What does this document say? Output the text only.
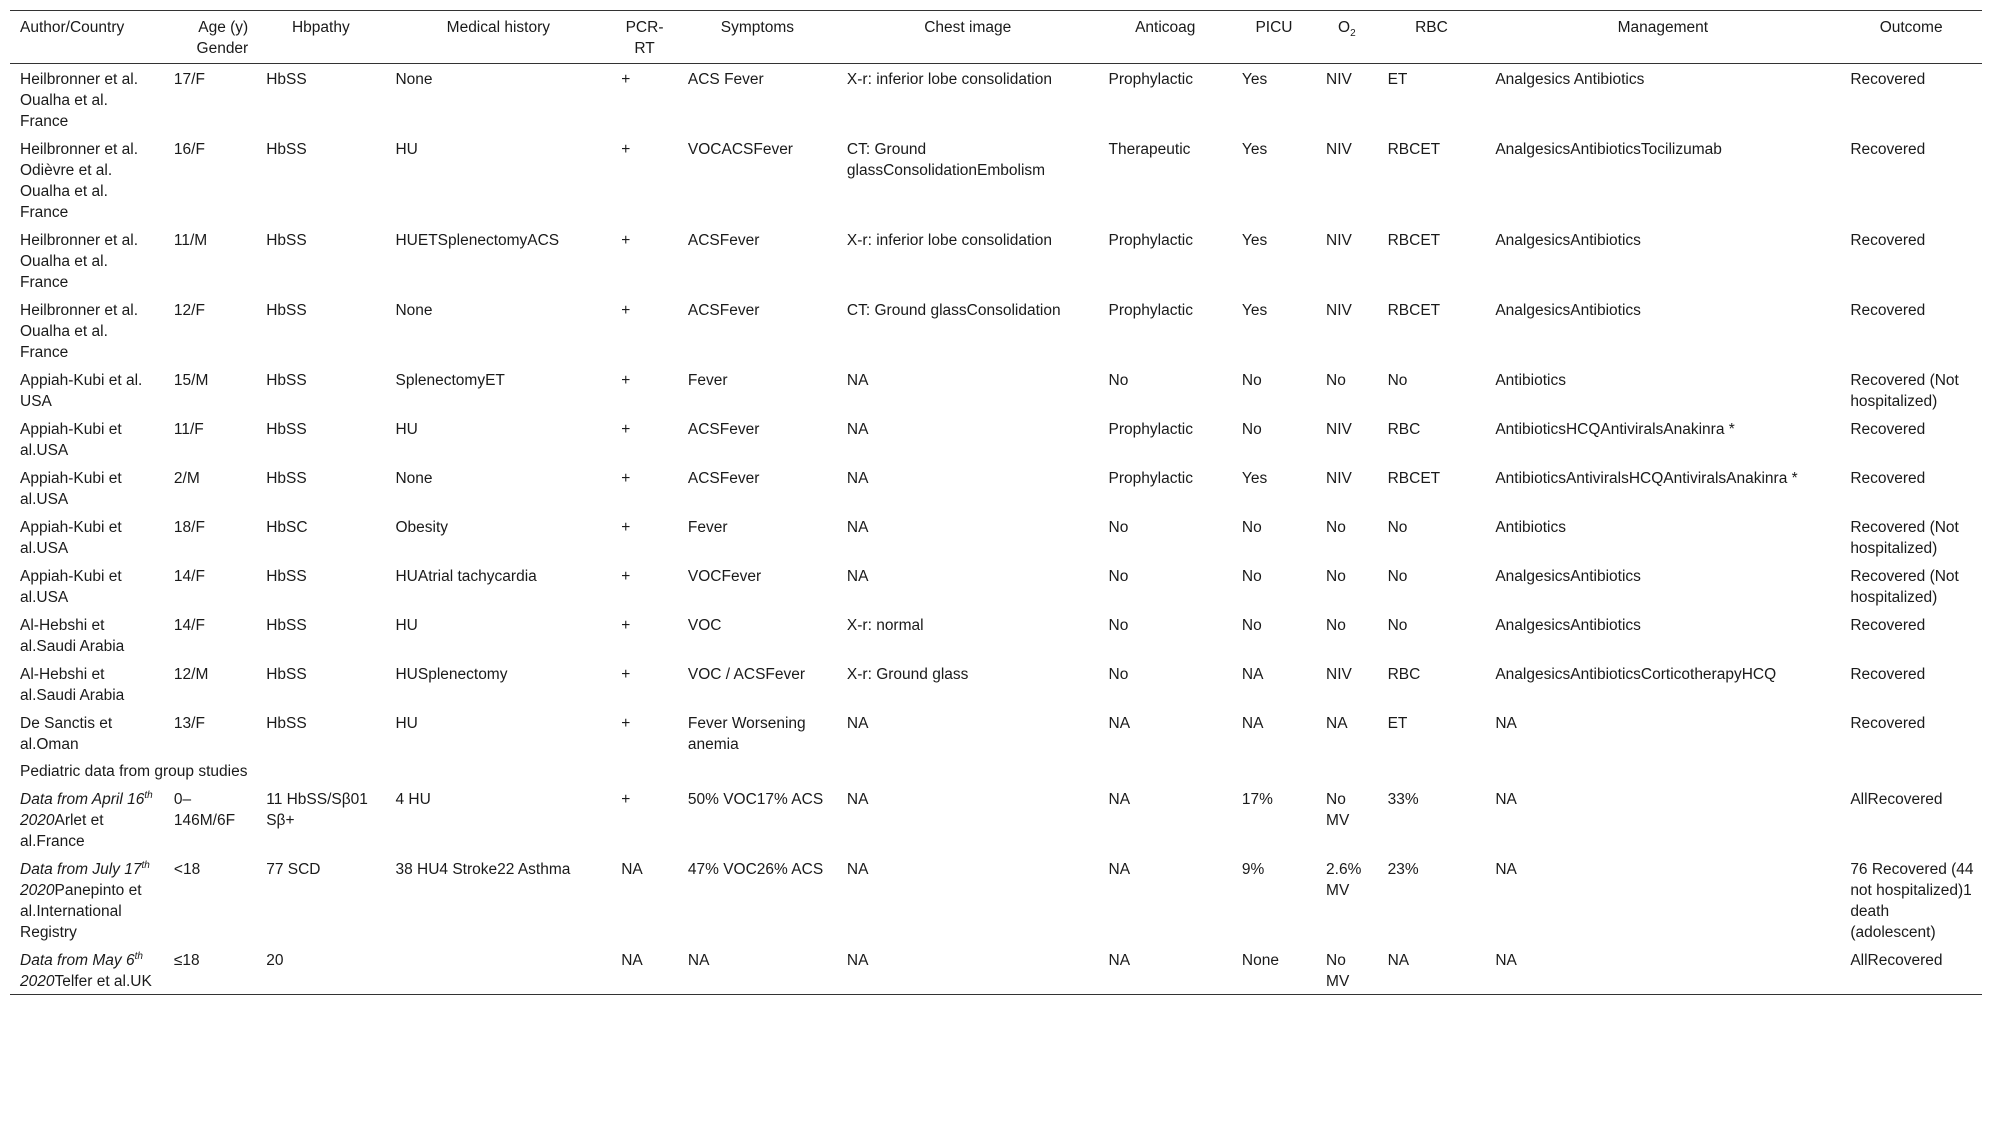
Author/Country	Age (y) Gender	Hbpathy	Medical history	PCR-RT	Symptoms	Chest image	Anticoag	PICU	$O_2$	RBC	Management	Outcome
Heilbronner et al. Oualha et al. France	17/F	HbSS	None	+	ACS Fever	X-r: inferior lobe consolidation	Prophylactic	Yes	NIV	ET	Analgesics Antibiotics	Recovered
Heilbronner et al. Odièvre et al. Oualha et al. France	16/F	HbSS	HU	+	VOCACSFever	CT: Ground glassConsolidationEmbolism	Therapeutic	Yes	NIV	RBCET	AnalgesicsAntibioticsTocilizumab	Recovered
Heilbronner et al. Oualha et al. France	11/M	HbSS	HUETSplenectomyACS	+	ACSFever	X-r: inferior lobe consolidation	Prophylactic	Yes	NIV	RBCET	AnalgesicsAntibiotics	Recovered
Heilbronner et al. Oualha et al. France	12/F	HbSS	None	+	ACSFever	CT: Ground glassConsolidation	Prophylactic	Yes	NIV	RBCET	AnalgesicsAntibiotics	Recovered
Appiah-Kubi et al. USA	15/M	HbSS	SplenectomyET	+	Fever	NA	No	No	No	No	Antibiotics	Recovered (Not hospitalized)
Appiah-Kubi et al.USA	11/F	HbSS	HU	+	ACSFever	NA	Prophylactic	No	NIV	RBC	AntibioticsHCQAntiviralsAnakinra *	Recovered
Appiah-Kubi et al.USA	2/M	HbSS	None	+	ACSFever	NA	Prophylactic	Yes	NIV	RBCET	AntibioticsAntiviralsHCQAntiviralsAnakinra *	Recovered
Appiah-Kubi et al.USA	18/F	HbSC	Obesity	+	Fever	NA	No	No	No	No	Antibiotics	Recovered (Not hospitalized)
Appiah-Kubi et al.USA	14/F	HbSS	HUAtrial tachycardia	+	VOCFever	NA	No	No	No	No	AnalgesicsAntibiotics	Recovered (Not hospitalized)
Al-Hebshi et al.Saudi Arabia	14/F	HbSS	HU	+	VOC	X-r: normal	No	No	No	No	AnalgesicsAntibiotics	Recovered
Al-Hebshi et al.Saudi Arabia	12/M	HbSS	HUSplenectomy	+	VOC / ACSFever	X-r: Ground glass	No	NA	NIV	RBC	AnalgesicsAntibioticsCorticotherapyHCQ	Recovered
De Sanctis et al.Oman	13/F	HbSS	HU	+	Fever Worsening anemia	NA	NA	NA	NA	ET	NA	Recovered
Pediatric data from group studies												
Data from April 16th 2020Arlet et al.France	0–146M/6F	11 HbSS/Sβ01 Sβ+	4 HU	+	50% VOC17% ACS	NA	NA	17%	No MV	33%	NA	AllRecovered
Data from July 17th 2020Panepinto et al.International Registry	<18	77 SCD	38 HU4 Stroke22 Asthma	NA	47% VOC26% ACS	NA	NA	9%	2.6% MV	23%	NA	76 Recovered (44 not hospitalized)1 death (adolescent)
Data from May 6th 2020Telfer et al.UK	≤18	20		NA	NA	NA	NA	None	No MV	NA	NA	AllRecovered
